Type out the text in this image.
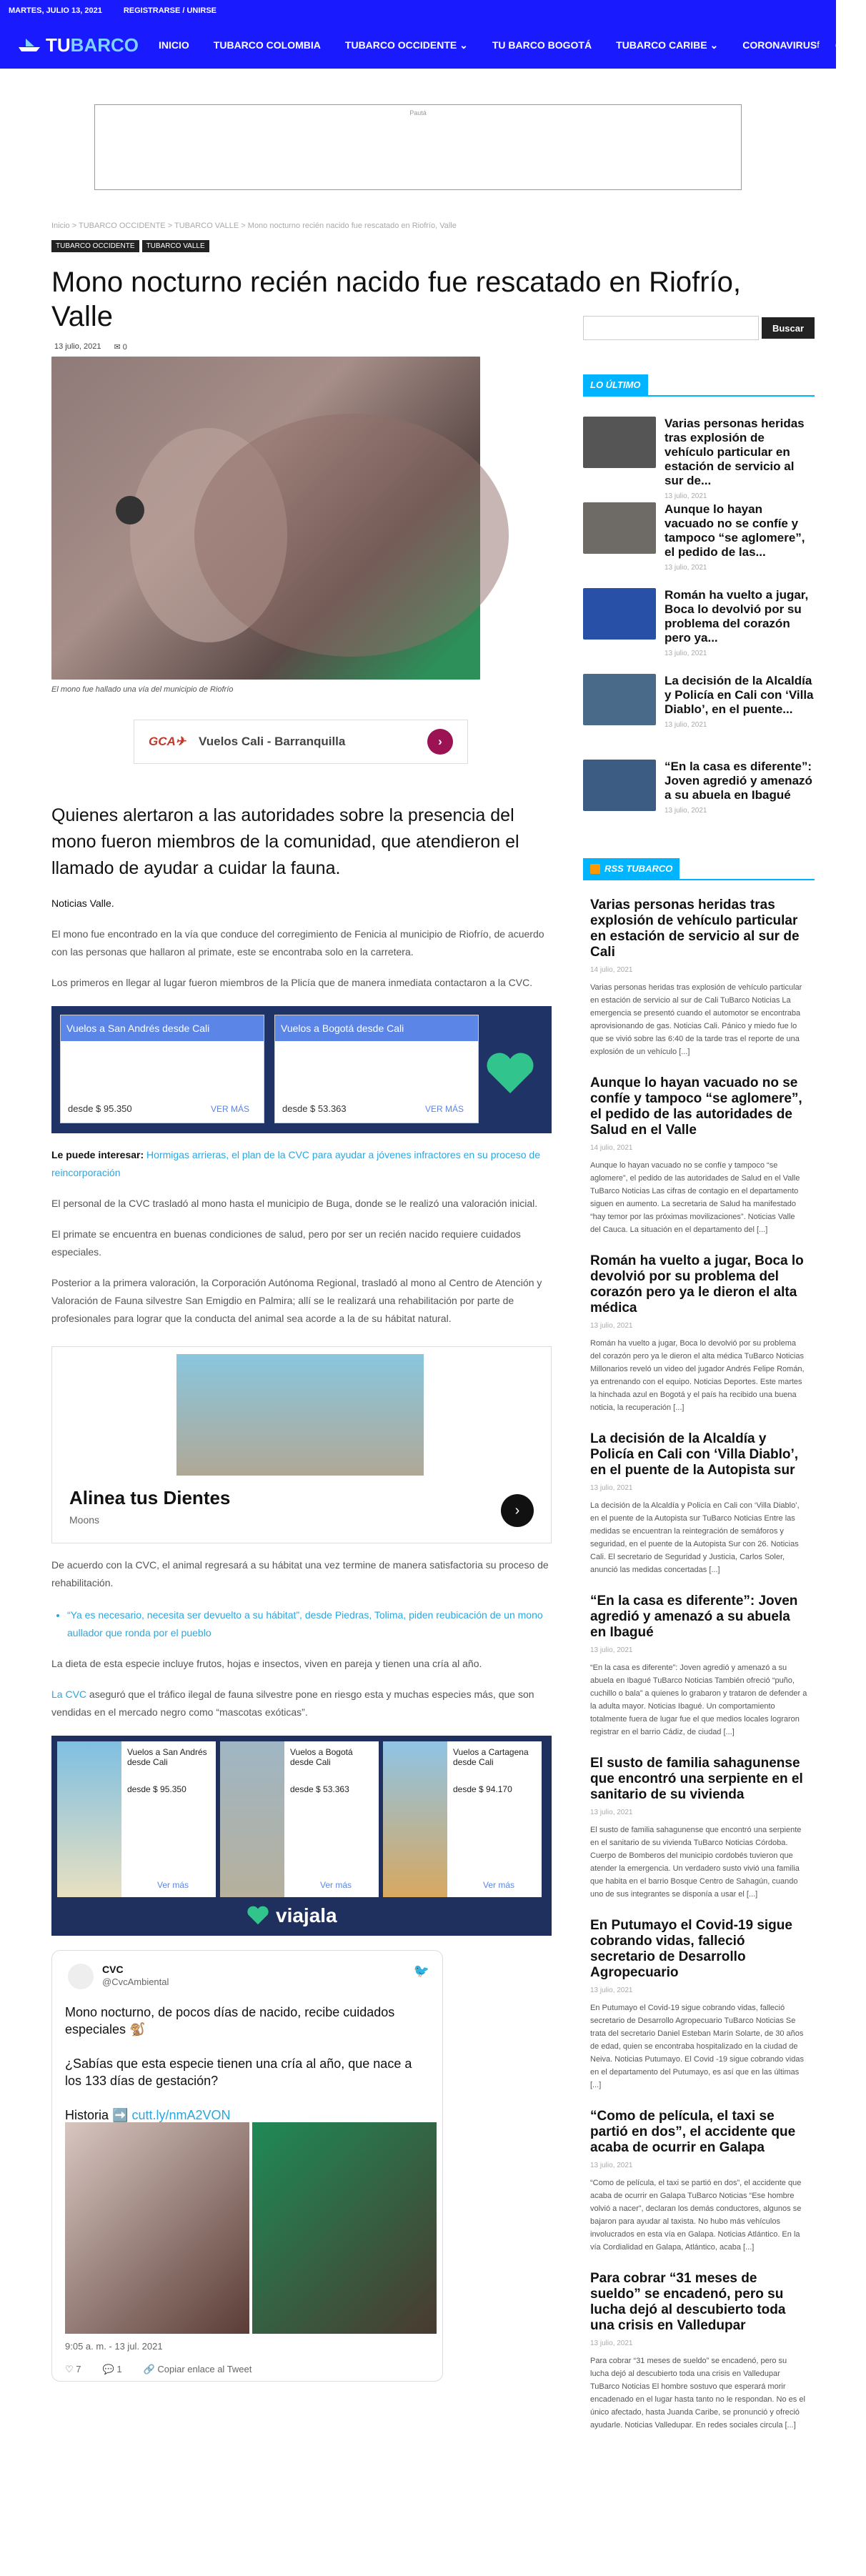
MARTES, JULIO 13, 2021	REGISTRARSE / UNIRSE
TU BARCO INICIO TUBARCO COLOMBIA TUBARCO OCCIDENTE ⌄ TU BARCO BOGOTÁ TUBARCO CARIBE ⌄ CORONAVIRUS f ◎ ▶
Pautá
Inicio > TUBARCO OCCIDENTE > TUBARCO VALLE > Mono nocturno recién nacido fue rescatado en Riofrío, Valle
TUBARCO OCCIDENTE	TUBARCO VALLE
Mono nocturno recién nacido fue rescatado en Riofrío, Valle
13 julio, 2021 ✉ 0
El mono fue hallado una vía del municipio de Riofrío
GCA✈ Vuelos Cali - Barranquilla	›
Quienes alertaron a las autoridades sobre la presencia del mono fueron miembros de la comunidad, que atendieron el llamado de ayudar a cuidar la fauna.

Noticias Valle.

El mono fue encontrado en la vía que conduce del corregimiento de Fenicia al municipio de Riofrío, de acuerdo con las personas que hallaron al primate, este se encontraba solo en la carretera.

Los primeros en llegar al lugar fueron miembros de la Plicía que de manera inmediata contactaron a la CVC.

Vuelos a San Andrés desde Cali
desde $ 95.350	VER MÁS
Vuelos a Bogotá desde Cali
desde $ 53.363	VER MÁS

Le puede interesar: Hormigas arrieras, el plan de la CVC para ayudar a jóvenes infractores en su proceso de reincorporación

El personal de la CVC trasladó al mono hasta el municipio de Buga, donde se le realizó una valoración inicial.

El primate se encuentra en buenas condiciones de salud, pero por ser un recién nacido requiere cuidados especiales.

Posterior a la primera valoración, la Corporación Autónoma Regional, trasladó al mono al Centro de Atención y Valoración de Fauna silvestre San Emigdio en Palmira; allí se le realizará una rehabilitación por parte de profesionales para lograr que la conducta del animal sea acorde a la de su hábitat natural.

Alinea tus Dientes
Moons
›

De acuerdo con la CVC, el animal regresará a su hábitat una vez termine de manera satisfactoria su proceso de rehabilitación.

• “Ya es necesario, necesita ser devuelto a su hábitat”, desde Piedras, Tolima, piden reubicación de un mono aullador que ronda por el pueblo

La dieta de esta especie incluye frutos, hojas e insectos, viven en pareja y tienen una cría al año.

La CVC aseguró que el tráfico ilegal de fauna silvestre pone en riesgo esta y muchas especies más, que son vendidas en el mercado negro como “mascotas exóticas”.

Vuelos a San Andrés desde Cali
desde $ 95.350
Ver más
Vuelos a Bogotá desde Cali
desde $ 53.363
Ver más
Vuelos a Cartagena desde Cali
desde $ 94.170
Ver más
viajala
CVC
@CvcAmbiental
🐦

Mono nocturno, de pocos días de nacido, recibe cuidados especiales 🐒

¿Sabías que esta especie tienen una cría al año, que nace a los 133 días de gestación?

Historia ➡️ cutt.ly/nmA2VON

9:05 a. m. - 13 jul. 2021
♡ 7 💬 1 🔗 Copiar enlace al Tweet
Buscar
LO ÚLTIMO
Varias personas heridas tras explosión de vehículo particular en estación de servicio al sur de...
13 julio, 2021
Aunque lo hayan vacuado no se confíe y tampoco “se aglomere”, el pedido de las...
13 julio, 2021
Román ha vuelto a jugar, Boca lo devolvió por su problema del corazón pero ya...
13 julio, 2021
La decisión de la Alcaldía y Policía en Cali con ‘Villa Diablo’, en el puente...
13 julio, 2021
“En la casa es diferente”: Joven agredió y amenazó a su abuela en Ibagué
13 julio, 2021
RSS TUBARCO
Varias personas heridas tras explosión de vehículo particular en estación de servicio al sur de Cali
14 julio, 2021
Varias personas heridas tras explosión de vehículo particular en estación de servicio al sur de Cali TuBarco Noticias La emergencia se presentó cuando el automotor se encontraba aprovisionando de gas. Noticias Cali. Pánico y miedo fue lo que se vivió sobre las 6:40 de la tarde tras el reporte de una explosión de un vehículo [...]
Aunque lo hayan vacuado no se confíe y tampoco “se aglomere”, el pedido de las autoridades de Salud en el Valle
14 julio, 2021
Aunque lo hayan vacuado no se confíe y tampoco “se aglomere”, el pedido de las autoridades de Salud en el Valle TuBarco Noticias Las cifras de contagio en el departamento siguen en aumento. La secretaria de Salud ha manifestado “hay temor por las próximas movilizaciones”. Noticias Valle del Cauca. La situación en el departamento del [...]
Román ha vuelto a jugar, Boca lo devolvió por su problema del corazón pero ya le dieron el alta médica
13 julio, 2021
Román ha vuelto a jugar, Boca lo devolvió por su problema del corazón pero ya le dieron el alta médica TuBarco Noticias Millonarios reveló un video del jugador Andrés Felipe Román, ya entrenando con el equipo. Noticias Deportes. Este martes la hinchada azul en Bogotá y el país ha recibido una buena noticia, la recuperación [...]
La decisión de la Alcaldía y Policía en Cali con ‘Villa Diablo’, en el puente de la Autopista sur
13 julio, 2021
La decisión de la Alcaldía y Policía en Cali con ‘Villa Diablo’, en el puente de la Autopista sur TuBarco Noticias Entre las medidas se encuentran la reintegración de semáforos y seguridad, en el puente de la Autopista Sur con 26. Noticias Cali. El secretario de Seguridad y Justicia, Carlos Soler, anunció las medidas concertadas [...]
“En la casa es diferente”: Joven agredió y amenazó a su abuela en Ibagué
13 julio, 2021
“En la casa es diferente”: Joven agredió y amenazó a su abuela en Ibagué TuBarco Noticias También ofreció “puño, cuchillo o bala” a quienes lo grabaron y trataron de defender a la adulta mayor. Noticias Ibagué. Un comportamiento totalmente fuera de lugar fue el que medios locales lograron registrar en el barrio Cádiz, de ciudad [...]
El susto de familia sahagunense que encontró una serpiente en el sanitario de su vivienda
13 julio, 2021
El susto de familia sahagunense que encontró una serpiente en el sanitario de su vivienda TuBarco Noticias Córdoba. Cuerpo de Bomberos del municipio cordobés tuvieron que atender la emergencia. Un verdadero susto vivió una familia que habita en el barrio Bosque Centro de Sahagún, cuando uno de sus integrantes se disponía a usar el [...]
En Putumayo el Covid-19 sigue cobrando vidas, falleció secretario de Desarrollo Agropecuario
13 julio, 2021
En Putumayo el Covid-19 sigue cobrando vidas, falleció secretario de Desarrollo Agropecuario TuBarco Noticias Se trata del secretario Daniel Esteban Marín Solarte, de 30 años de edad, quien se encontraba hospitalizado en la ciudad de Neiva. Noticias Putumayo. El Covid -19 sigue cobrando vidas en el departamento del Putumayo, es así que en las últimas [...]
“Como de película, el taxi se partió en dos”, el accidente que acaba de ocurrir en Galapa
13 julio, 2021
“Como de película, el taxi se partió en dos”, el accidente que acaba de ocurrir en Galapa TuBarco Noticias “Ese hombre volvió a nacer”, declaran los demás conductores, algunos se bajaron para ayudar al taxista. No hubo más vehículos involucrados en esta vía en Galapa. Noticias Atlántico. En la vía Cordialidad en Galapa, Atlántico, acaba [...]
Para cobrar “31 meses de sueldo” se encadenó, pero su lucha dejó al descubierto toda una crisis en Valledupar
13 julio, 2021
Para cobrar “31 meses de sueldo” se encadenó, pero su lucha dejó al descubierto toda una crisis en Valledupar TuBarco Noticias El hombre sostuvo que esperará morir encadenado en el lugar hasta tanto no le respondan. No es el único afectado, hasta Juanda Caribe, se pronunció y ofreció ayudarle. Noticias Valledupar. En redes sociales circula [...]
